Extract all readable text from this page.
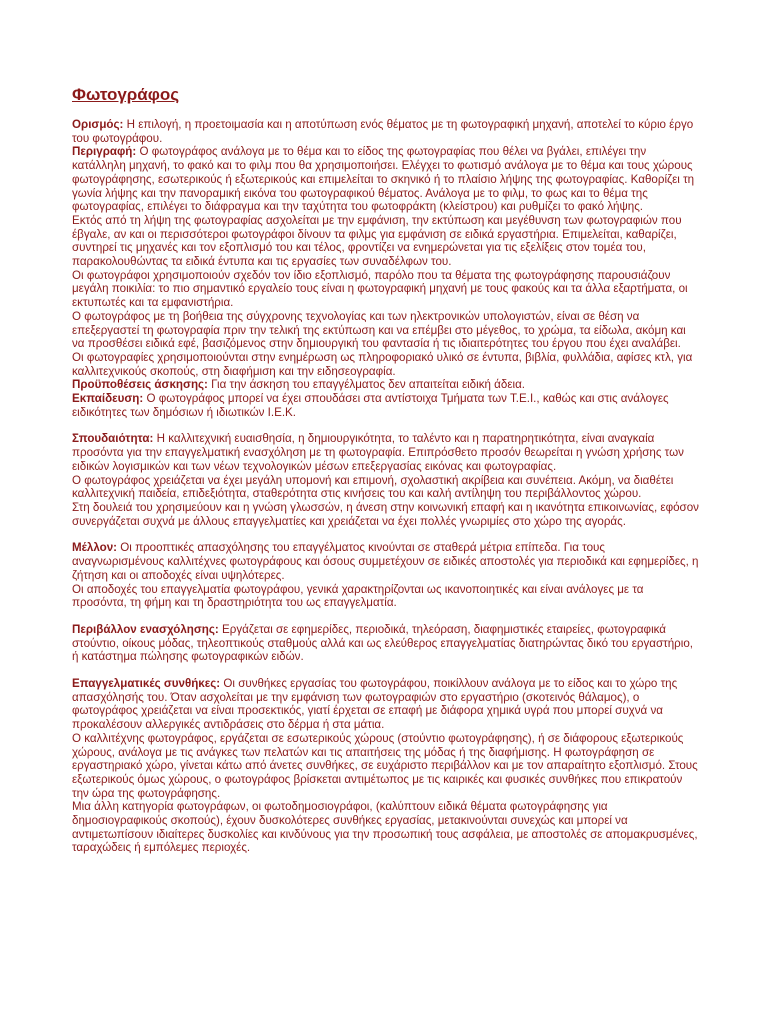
Φωτογράφος

Ορισμός: Η επιλογή, η προετοιμασία και η αποτύπωση ενός θέματος με τη φωτογραφική μηχανή, αποτελεί το κύριο έργο του φωτογράφου.

Περιγραφή: Ο φωτογράφος ανάλογα με το θέμα και το είδος της φωτογραφίας που θέλει να βγάλει, επιλέγει την κατάλληλη μηχανή, το φακό και το φιλμ που θα χρησιμοποιήσει. Ελέγχει το φωτισμό ανάλογα με το θέμα και τους χώρους φωτογράφησης, εσωτερικούς ή εξωτερικούς και επιμελείται το σκηνικό ή το πλαίσιο λήψης της φωτογραφίας. Καθορίζει τη γωνία λήψης και την πανοραμική εικόνα του φωτογραφικού θέματος. Ανάλογα με το φιλμ, το φως και το θέμα της φωτογραφίας, επιλέγει το διάφραγμα και την ταχύτητα του φωτοφράκτη (κλείστρου) και ρυθμίζει το φακό λήψης.

Εκτός από τη λήψη της φωτογραφίας ασχολείται με την εμφάνιση, την εκτύπωση και μεγέθυνση των φωτογραφιών που έβγαλε, αν και οι περισσότεροι φωτογράφοι δίνουν τα φιλμς για εμφάνιση σε ειδικά εργαστήρια. Επιμελείται, καθαρίζει, συντηρεί τις μηχανές και τον εξοπλισμό του και τέλος, φροντίζει να ενημερώνεται για τις εξελίξεις στον τομέα του, παρακολουθώντας τα ειδικά έντυπα και τις εργασίες των συναδέλφων του.

Οι φωτογράφοι χρησιμοποιούν σχεδόν τον ίδιο εξοπλισμό, παρόλο που τα θέματα της φωτογράφησης παρουσιάζουν μεγάλη ποικιλία: το πιο σημαντικό εργαλείο τους είναι η φωτογραφική μηχανή με τους φακούς και τα άλλα εξαρτήματα, οι εκτυπωτές και τα εμφανιστήρια.

Ο φωτογράφος με τη βοήθεια της σύγχρονης τεχνολογίας και των ηλεκτρονικών υπολογιστών, είναι σε θέση να επεξεργαστεί τη φωτογραφία πριν την τελική της εκτύπωση και να επέμβει στο μέγεθος, το χρώμα, τα είδωλα, ακόμη και να προσθέσει ειδικά εφέ, βασιζόμενος στην δημιουργική του φαντασία ή τις ιδιαιτερότητες του έργου που έχει αναλάβει.

Οι φωτογραφίες χρησιμοποιούνται στην ενημέρωση ως πληροφοριακό υλικό σε έντυπα, βιβλία, φυλλάδια, αφίσες κτλ, για καλλιτεχνικούς σκοπούς, στη διαφήμιση και την ειδησεογραφία.

Προϋποθέσεις άσκησης: Για την άσκηση του επαγγέλματος δεν απαιτείται ειδική άδεια.

Εκπαίδευση: Ο φωτογράφος μπορεί να έχει σπουδάσει στα αντίστοιχα Τμήματα των Τ.Ε.Ι., καθώς και στις ανάλογες ειδικότητες των δημόσιων ή ιδιωτικών Ι.Ε.Κ.

Σπουδαιότητα: Η καλλιτεχνική ευαισθησία, η δημιουργικότητα, το ταλέντο και η παρατηρητικότητα, είναι αναγκαία προσόντα για την επαγγελματική ενασχόληση με τη φωτογραφία. Επιπρόσθετο προσόν θεωρείται η γνώση χρήσης των ειδικών λογισμικών και των νέων τεχνολογικών μέσων επεξεργασίας εικόνας και φωτογραφίας.

Ο φωτογράφος χρειάζεται να έχει μεγάλη υπομονή και επιμονή, σχολαστική ακρίβεια και συνέπεια. Ακόμη, να διαθέτει καλλιτεχνική παιδεία, επιδεξιότητα, σταθερότητα στις κινήσεις του και καλή αντίληψη του περιβάλλοντος χώρου.

Στη δουλειά του χρησιμεύουν και η γνώση γλωσσών, η άνεση στην κοινωνική επαφή και η ικανότητα επικοινωνίας, εφόσον συνεργάζεται συχνά με άλλους επαγγελματίες και χρειάζεται να έχει πολλές γνωριμίες στο χώρο της αγοράς.

Μέλλον: Οι προοπτικές απασχόλησης του επαγγέλματος κινούνται σε σταθερά μέτρια επίπεδα. Για τους αναγνωρισμένους καλλιτέχνες φωτογράφους και όσους συμμετέχουν σε ειδικές αποστολές για περιοδικά και εφημερίδες, η ζήτηση και οι αποδοχές είναι υψηλότερες.

Οι αποδοχές του επαγγελματία φωτογράφου, γενικά χαρακτηρίζονται ως ικανοποιητικές και είναι ανάλογες με τα προσόντα, τη φήμη και τη δραστηριότητα του ως επαγγελματία.

Περιβάλλον ενασχόλησης: Εργάζεται σε εφημερίδες, περιοδικά, τηλεόραση, διαφημιστικές εταιρείες, φωτογραφικά στούντιο, οίκους μόδας, τηλεοπτικούς σταθμούς αλλά και ως ελεύθερος επαγγελματίας διατηρώντας δικό του εργαστήριο, ή κατάστημα πώλησης φωτογραφικών ειδών.

Επαγγελματικές συνθήκες: Οι συνθήκες εργασίας του φωτογράφου, ποικίλλουν ανάλογα με το είδος και το χώρο της απασχόλησής του. Όταν ασχολείται με την εμφάνιση των φωτογραφιών στο εργαστήριο (σκοτεινός θάλαμος), ο φωτογράφος χρειάζεται να είναι προσεκτικός, γιατί έρχεται σε επαφή με διάφορα χημικά υγρά που μπορεί συχνά να προκαλέσουν αλλεργικές αντιδράσεις στο δέρμα ή στα μάτια.

Ο καλλιτέχνης φωτογράφος, εργάζεται σε εσωτερικούς χώρους (στούντιο φωτογράφησης), ή σε διάφορους εξωτερικούς χώρους, ανάλογα με τις ανάγκες των πελατών και τις απαιτήσεις της μόδας ή της διαφήμισης. Η φωτογράφηση σε εργαστηριακό χώρο, γίνεται κάτω από άνετες συνθήκες, σε ευχάριστο περιβάλλον και με τον απαραίτητο εξοπλισμό. Στους εξωτερικούς όμως χώρους, ο φωτογράφος βρίσκεται αντιμέτωπος με τις καιρικές και φυσικές συνθήκες που επικρατούν την ώρα της φωτογράφησης.

Μια άλλη κατηγορία φωτογράφων, οι φωτοδημοσιογράφοι, (καλύπτουν ειδικά θέματα φωτογράφησης για δημοσιογραφικούς σκοπούς), έχουν δυσκολότερες συνθήκες εργασίας, μετακινούνται συνεχώς και μπορεί να αντιμετωπίσουν ιδιαίτερες δυσκολίες και κινδύνους για την προσωπική τους ασφάλεια, με αποστολές σε απομακρυσμένες, ταραχώδεις ή εμπόλεμες περιοχές.
